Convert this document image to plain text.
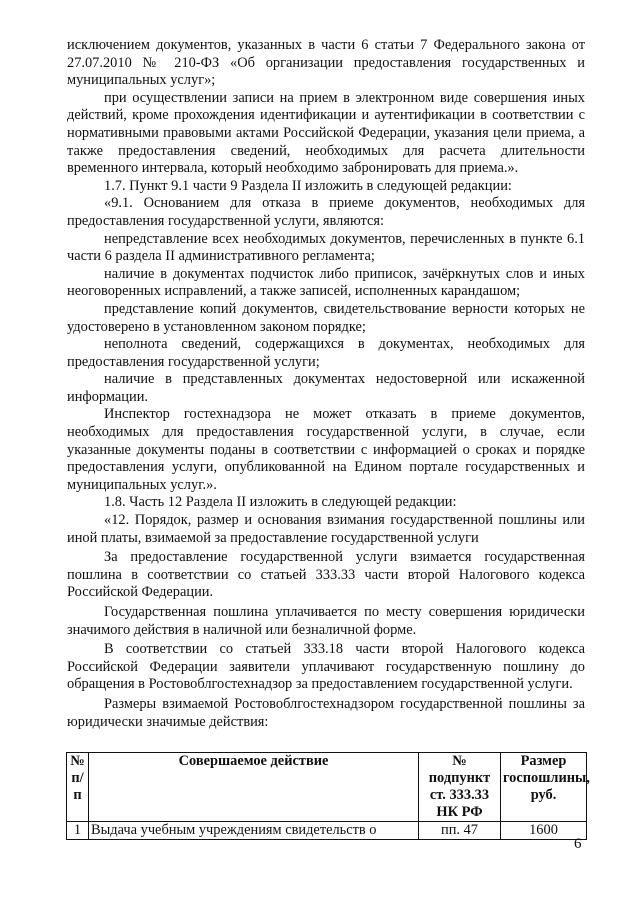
исключением документов, указанных в части 6 статьи 7 Федерального закона от 27.07.2010 № 210-ФЗ «Об организации предоставления государственных и муниципальных услуг»;

при осуществлении записи на прием в электронном виде совершения иных действий, кроме прохождения идентификации и аутентификации в соответствии с нормативными правовыми актами Российской Федерации, указания цели приема, а также предоставления сведений, необходимых для расчета длительности временного интервала, который необходимо забронировать для приема.».

1.7. Пункт 9.1 части 9 Раздела II изложить в следующей редакции:

«9.1. Основанием для отказа в приеме документов, необходимых для предоставления государственной услуги, являются:

непредставление всех необходимых документов, перечисленных в пункте 6.1 части 6 раздела II административного регламента;

наличие в документах подчисток либо приписок, зачёркнутых слов и иных неоговоренных исправлений, а также записей, исполненных карандашом;

представление копий документов, свидетельствование верности которых не удостоверено в установленном законом порядке;

неполнота сведений, содержащихся в документах, необходимых для предоставления государственной услуги;

наличие в представленных документах недостоверной или искаженной информации.

Инспектор гостехнадзора не может отказать в приеме документов, необходимых для предоставления государственной услуги, в случае, если указанные документы поданы в соответствии с информацией о сроках и порядке предоставления услуги, опубликованной на Едином портале государственных и муниципальных услуг.».

1.8. Часть 12 Раздела II изложить в следующей редакции:

«12. Порядок, размер и основания взимания государственной пошлины или иной платы, взимаемой за предоставление государственной услуги

За предоставление государственной услуги взимается государственная пошлина в соответствии со статьей 333.33 части второй Налогового кодекса Российской Федерации.

Государственная пошлина уплачивается по месту совершения юридически значимого действия в наличной или безналичной форме.

В соответствии со статьей 333.18 части второй Налогового кодекса Российской Федерации заявители уплачивают государственную пошлину до обращения в Ростовоблгостехнадзор за предоставлением государственной услуги.

Размеры взимаемой Ростовоблгостехнадзором государственной пошлины за юридически значимые действия:

№ п/п	Совершаемое действие	№ подпункт ст. 333.33 НК РФ	Размер госпошлины, руб.
1	Выдача учебным учреждениям свидетельств о	пп. 47	1600
6
